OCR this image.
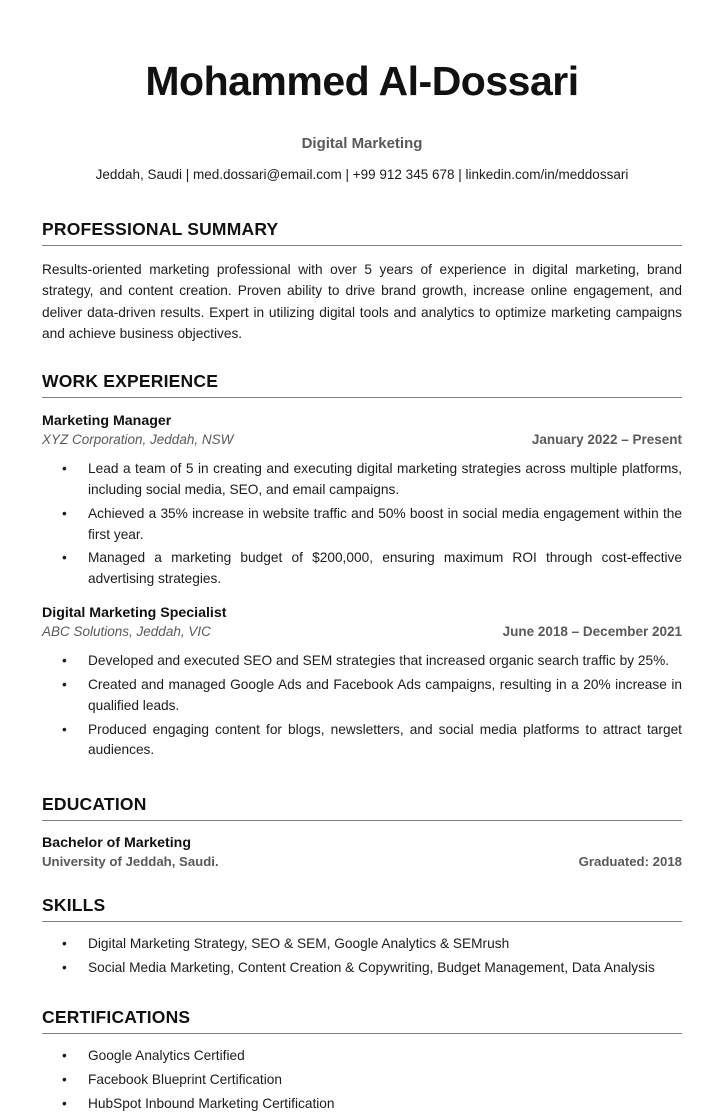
Mohammed Al-Dossari
Digital Marketing
Jeddah, Saudi | med.dossari@email.com | +99 912 345 678 | linkedin.com/in/meddossari
PROFESSIONAL SUMMARY

Results-oriented marketing professional with over 5 years of experience in digital marketing, brand strategy, and content creation. Proven ability to drive brand growth, increase online engagement, and deliver data-driven results. Expert in utilizing digital tools and analytics to optimize marketing campaigns and achieve business objectives.

WORK EXPERIENCE
Marketing Manager
XYZ Corporation, Jeddah, NSW	January 2022 – Present
• Lead a team of 5 in creating and executing digital marketing strategies across multiple platforms, including social media, SEO, and email campaigns.
• Achieved a 35% increase in website traffic and 50% boost in social media engagement within the first year.
• Managed a marketing budget of $200,000, ensuring maximum ROI through cost-effective advertising strategies.
Digital Marketing Specialist
ABC Solutions, Jeddah, VIC	June 2018 – December 2021
• Developed and executed SEO and SEM strategies that increased organic search traffic by 25%.
• Created and managed Google Ads and Facebook Ads campaigns, resulting in a 20% increase in qualified leads.
• Produced engaging content for blogs, newsletters, and social media platforms to attract target audiences.
EDUCATION
Bachelor of Marketing
University of Jeddah, Saudi.	Graduated: 2018
SKILLS
• Digital Marketing Strategy, SEO & SEM, Google Analytics & SEMrush
• Social Media Marketing, Content Creation & Copywriting, Budget Management, Data Analysis
CERTIFICATIONS
• Google Analytics Certified
• Facebook Blueprint Certification
• HubSpot Inbound Marketing Certification
